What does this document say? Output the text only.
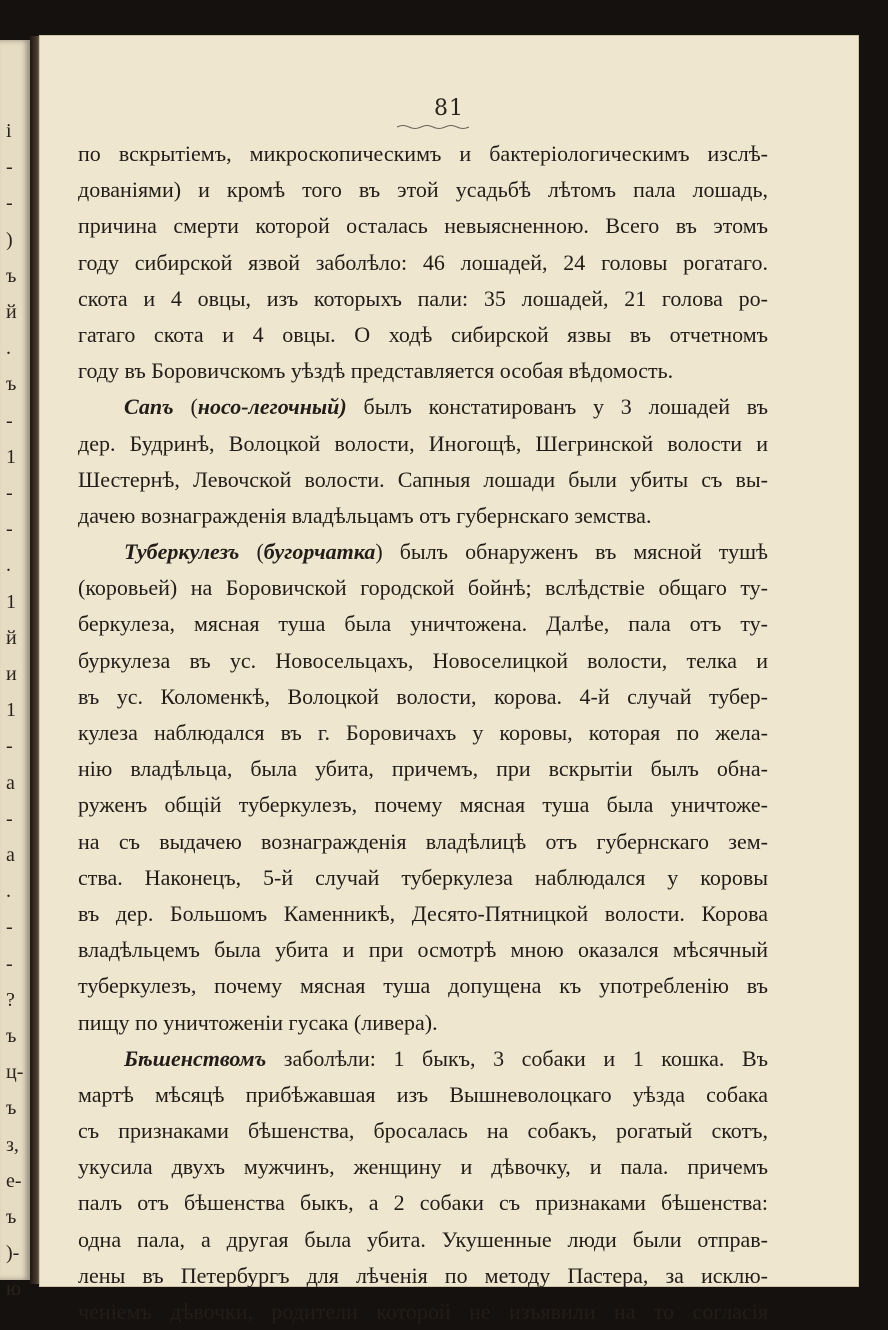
і
-
-
)
ъ
й
.
ъ
-
1
-
-
.
1
й
и
1
-
а
-
а
.
-
-
?
ъ
ц-
ъ
з,
е-
ъ
)-
ю
81
по вскрытіемъ, микроскопическимъ и бактеріологическимъ изслѣ-
дованіями) и кромѣ того въ этой усадьбѣ лѣтомъ пала лошадь,
причина смерти которой осталась невыясненною. Всего въ этомъ
году сибирской язвой заболѣло: 46 лошадей, 24 головы рогатаго.
скота и 4 овцы, изъ которыхъ пали: 35 лошадей, 21 голова ро-
гатаго скота и 4 овцы. О ходѣ сибирской язвы въ отчетномъ
году въ Боровичскомъ уѣздѣ представляется особая вѣдомость.
Сапъ (носо-легочный) былъ констатированъ у 3 лошадей въ
дер. Будринѣ, Волоцкой волости, Иногощѣ, Шегринской волости и
Шестернѣ, Левочской волости. Сапныя лошади были убиты съ вы-
дачею вознагражденія владѣльцамъ отъ губернскаго земства.
Туберкулезъ (бугорчатка) былъ обнаруженъ въ мясной тушѣ
(коровьей) на Боровичской городской бойнѣ; вслѣдствіе общаго ту-
беркулеза, мясная туша была уничтожена. Далѣе, пала отъ ту-
буркулеза въ ус. Новосельцахъ, Новоселицкой волости, телка и
въ ус. Коломенкѣ, Волоцкой волости, корова. 4-й случай тубер-
кулеза наблюдался въ г. Боровичахъ у коровы, которая по жела-
нію владѣльца, была убита, причемъ, при вскрытіи былъ обна-
руженъ общій туберкулезъ, почему мясная туша была уничтоже-
на съ выдачею вознагражденія владѣлицѣ отъ губернскаго зем-
ства. Наконецъ, 5-й случай туберкулеза наблюдался у коровы
въ дер. Большомъ Каменникѣ, Десято-Пятницкой волости. Корова
владѣльцемъ была убита и при осмотрѣ мною оказался мѣсячный
туберкулезъ, почему мясная туша допущена къ употребленію въ
пищу по уничтоженіи гусака (ливера).
Бѣшенствомъ заболѣли: 1 быкъ, 3 собаки и 1 кошка. Въ
мартѣ мѣсяцѣ прибѣжавшая изъ Вышневолоцкаго уѣзда собака
съ признаками бѣшенства, бросалась на собакъ, рогатый скотъ,
укусила двухъ мужчинъ, женщину и дѣвочку, и пала. причемъ
палъ отъ бѣшенства быкъ, а 2 собаки съ признаками бѣшенства:
одна пала, а другая была убита. Укушенные люди были отправ-
лены въ Петербургъ для лѣченія по методу Пастера, за исклю-
ченіемъ дѣвочки, родители которой не изъявили на то согласія
